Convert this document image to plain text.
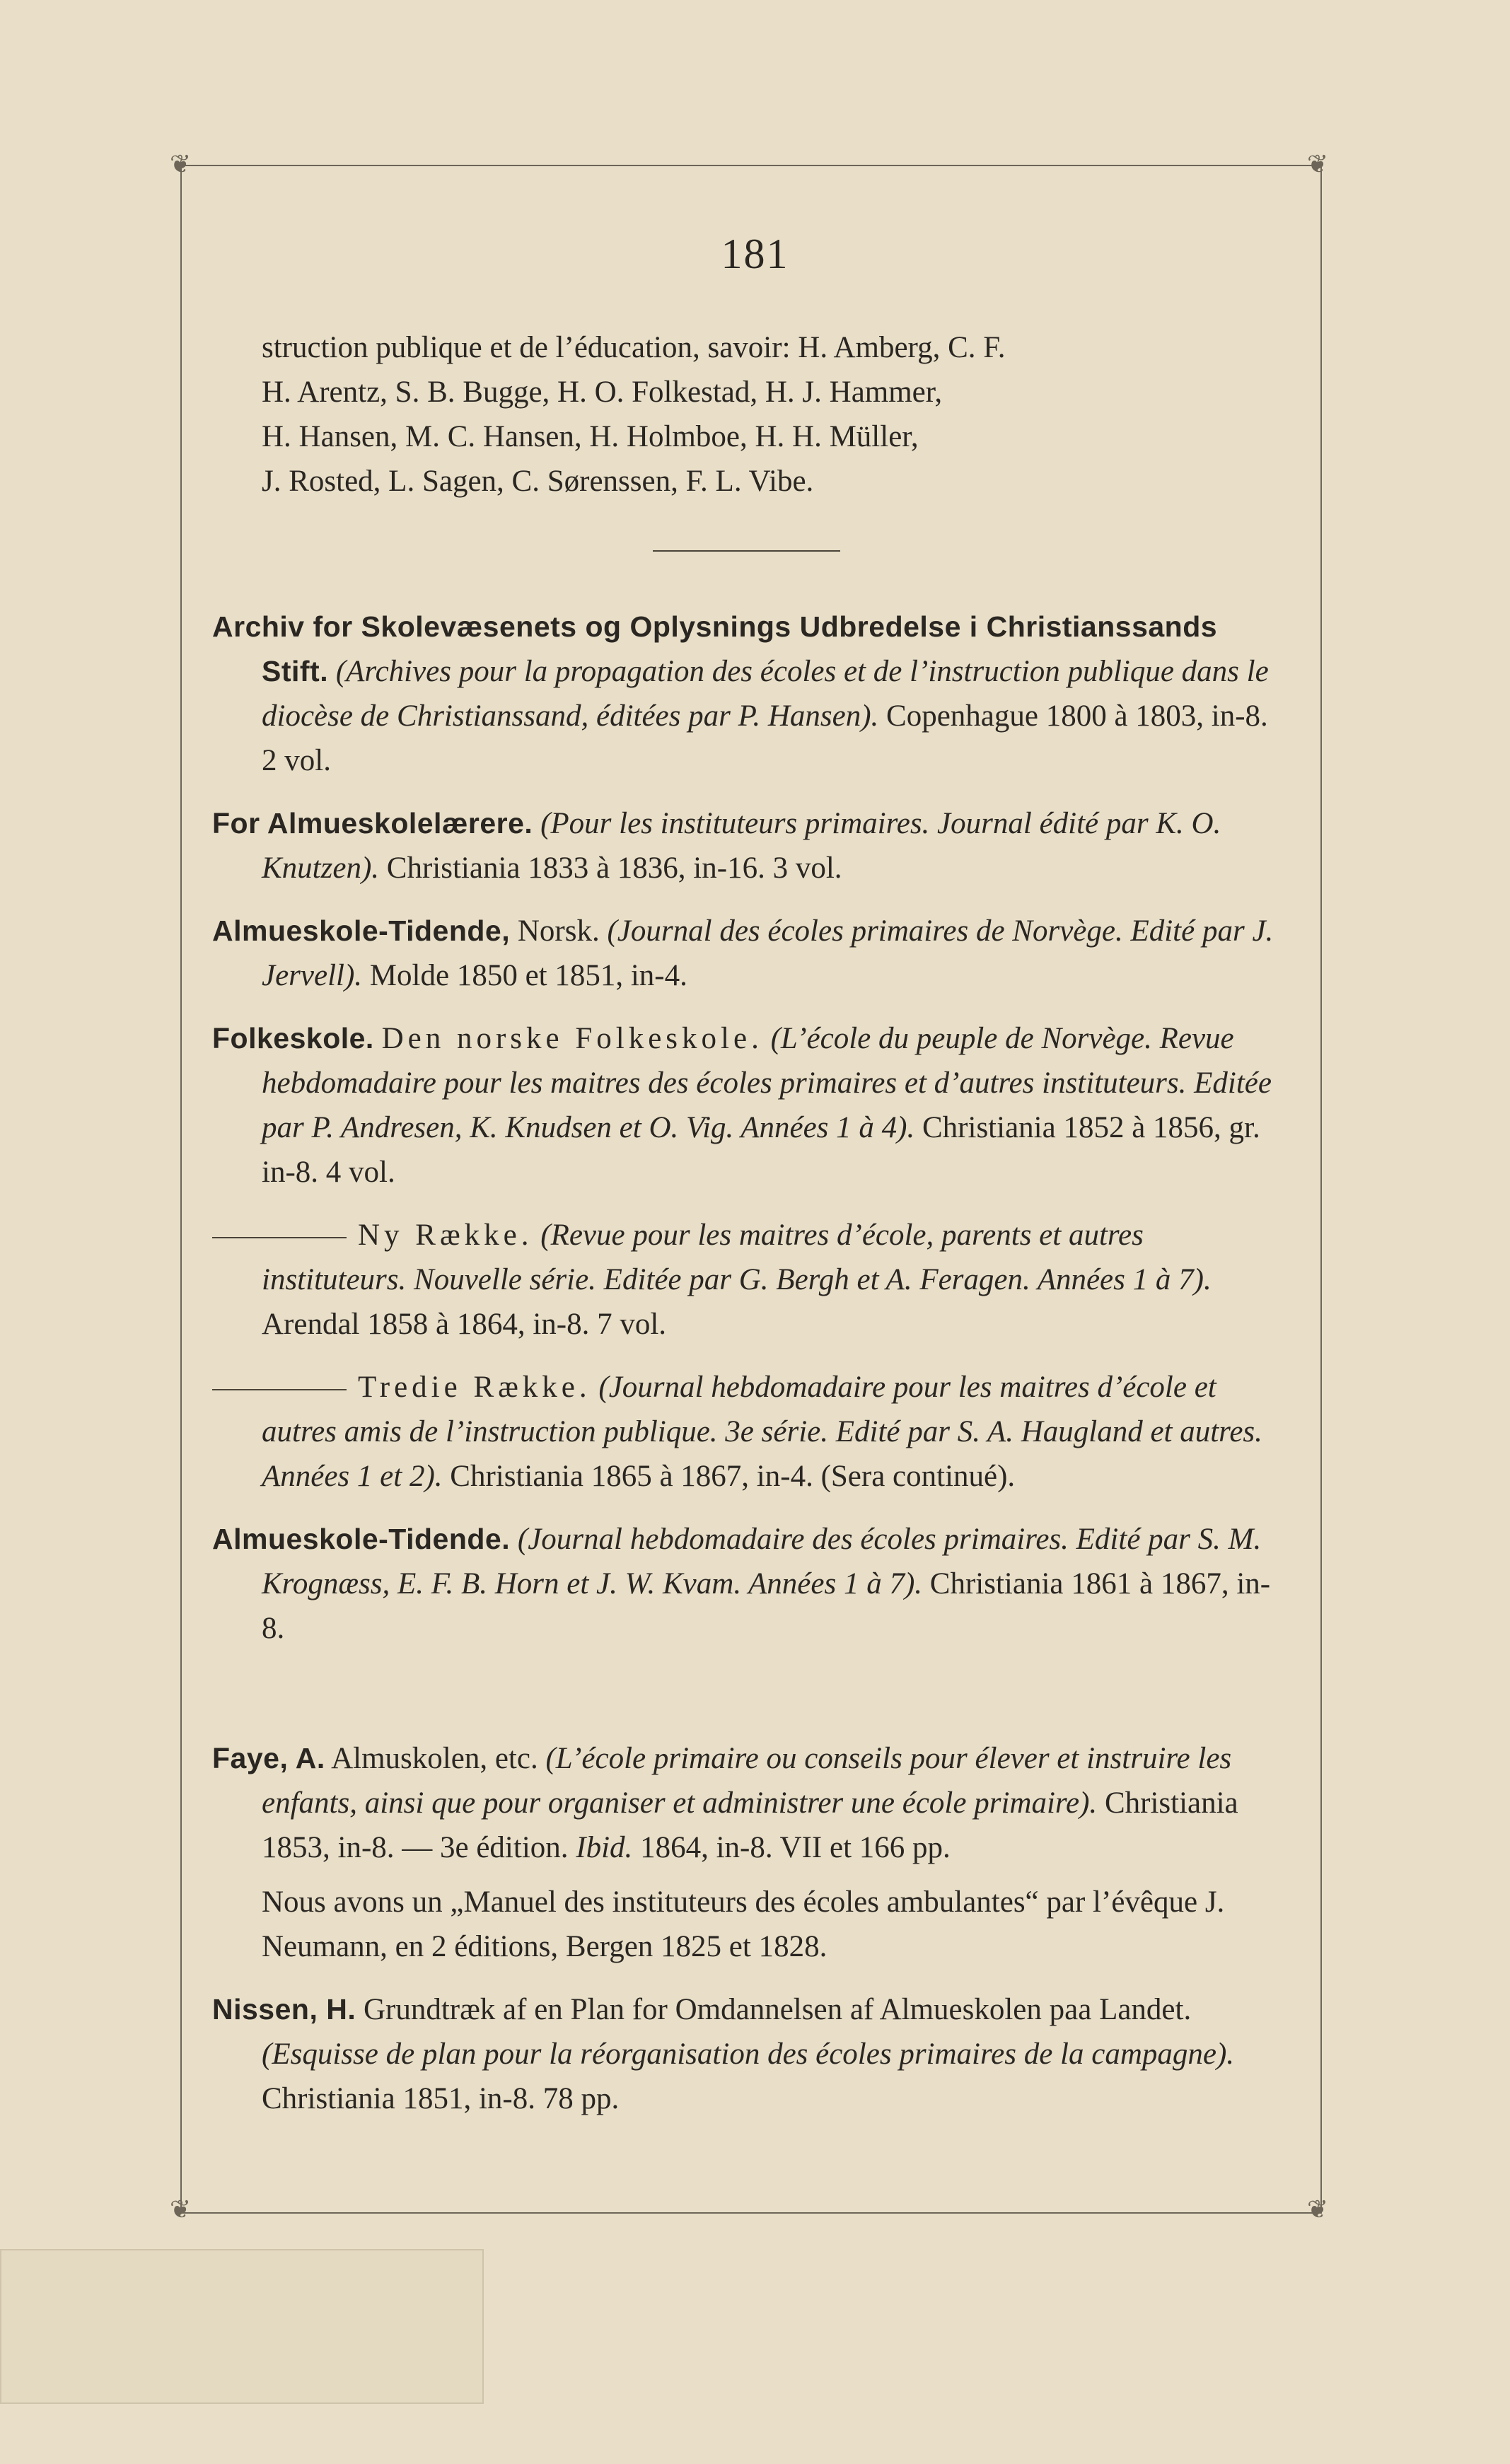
❦	❦
❦	❦
181

struction publique et de l’éducation, savoir: H. Amberg, C. F.
H. Arentz, S. B. Bugge, H. O. Folkestad, H. J. Hammer,
H. Hansen, M. C. Hansen, H. Holmboe, H. H. Müller,
J. Rosted, L. Sagen, C. Sørenssen, F. L. Vibe.

Archiv for Skolevæsenets og Oplysnings Udbredelse i Christianssands Stift. (Archives pour la propagation des écoles et de l’instruction publique dans le diocèse de Christianssand, éditées par P. Hansen). Copenhague 1800 à 1803, in-8. 2 vol.

For Almueskolelærere. (Pour les instituteurs primaires. Journal édité par K. O. Knutzen). Christiania 1833 à 1836, in-16. 3 vol.

Almueskole-Tidende, Norsk. (Journal des écoles primaires de Norvège. Edité par J. Jervell). Molde 1850 et 1851, in-4.

Folkeskole. Den norske Folkeskole. (L’école du peuple de Norvège. Revue hebdomadaire pour les maitres des écoles primaires et d’autres instituteurs. Editée par P. Andresen, K. Knudsen et O. Vig. Années 1 à 4). Christiania 1852 à 1856, gr. in-8. 4 vol.

Ny Række. (Revue pour les maitres d’école, parents et autres instituteurs. Nouvelle série. Editée par G. Bergh et A. Feragen. Années 1 à 7). Arendal 1858 à 1864, in-8. 7 vol.

Tredie Række. (Journal hebdomadaire pour les maitres d’école et autres amis de l’instruction publique. 3e série. Edité par S. A. Haugland et autres. Années 1 et 2). Christiania 1865 à 1867, in-4. (Sera continué).

Almueskole-Tidende. (Journal hebdomadaire des écoles primaires. Edité par S. M. Krognæss, E. F. B. Horn et J. W. Kvam. Années 1 à 7). Christiania 1861 à 1867, in-8.

Faye, A. Almuskolen, etc. (L’école primaire ou conseils pour élever et instruire les enfants, ainsi que pour organiser et administrer une école primaire). Christiania 1853, in-8. — 3e édition. Ibid. 1864, in-8. VII et 166 pp.

Nous avons un „Manuel des instituteurs des écoles ambulantes“ par l’évêque J. Neumann, en 2 éditions, Bergen 1825 et 1828.

Nissen, H. Grundtræk af en Plan for Omdannelsen af Almueskolen paa Landet. (Esquisse de plan pour la réorganisation des écoles primaires de la campagne). Christiania 1851, in-8. 78 pp.
